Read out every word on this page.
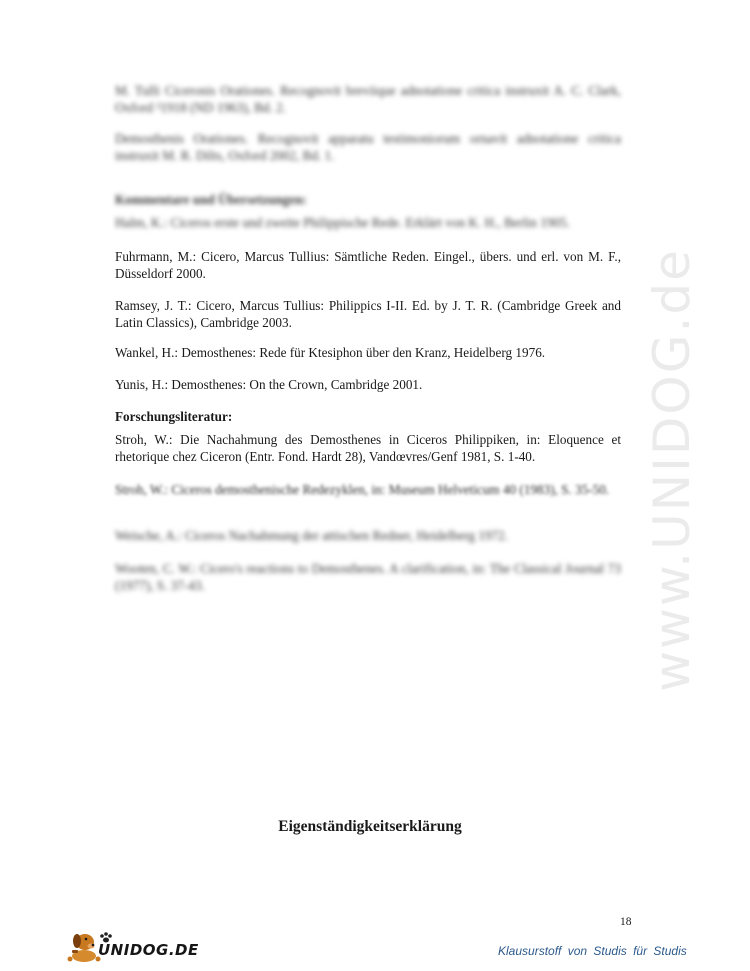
www.UNIDOG.de
M. Tulli Ciceronis Orationes. Recognovit breviique adnotatione critica instruxit A. C. Clark, Oxford ²1918 (ND 1963), Bd. 2.
Demosthenis Orationes. Recognovit apparatu testimoniorum ornavit adnotatione critica instruxit M. R. Dilts, Oxford 2002, Bd. 1.
Kommentare und Übersetzungen:
Halm, K.: Ciceros erste und zweite Philippische Rede. Erklärt von K. H., Berlin 1905.
Fuhrmann, M.: Cicero, Marcus Tullius: Sämtliche Reden. Eingel., übers. und erl. von M. F., Düsseldorf 2000.
Ramsey, J. T.: Cicero, Marcus Tullius: Philippics I-II. Ed. by J. T. R. (Cambridge Greek and Latin Classics), Cambridge 2003.
Wankel, H.: Demosthenes: Rede für Ktesiphon über den Kranz, Heidelberg 1976.
Yunis, H.: Demosthenes: On the Crown, Cambridge 2001.
Forschungsliteratur:
Stroh, W.: Die Nachahmung des Demosthenes in Ciceros Philippiken, in: Eloquence et rhetorique chez Ciceron (Entr. Fond. Hardt 28), Vandœvres/Genf 1981, S. 1-40.
Stroh, W.: Ciceros demosthenische Redezyklen, in: Museum Helveticum 40 (1983), S. 35-50.
Weische, A.: Ciceros Nachahmung der attischen Redner, Heidelberg 1972.
Wooten, C. W.: Cicero's reactions to Demosthenes. A clarification, in: The Classical Journal 73 (1977), S. 37-43.
Eigenständigkeitserklärung
18
UNIDOG.DE	Klausurstoff von Studis für Studis
